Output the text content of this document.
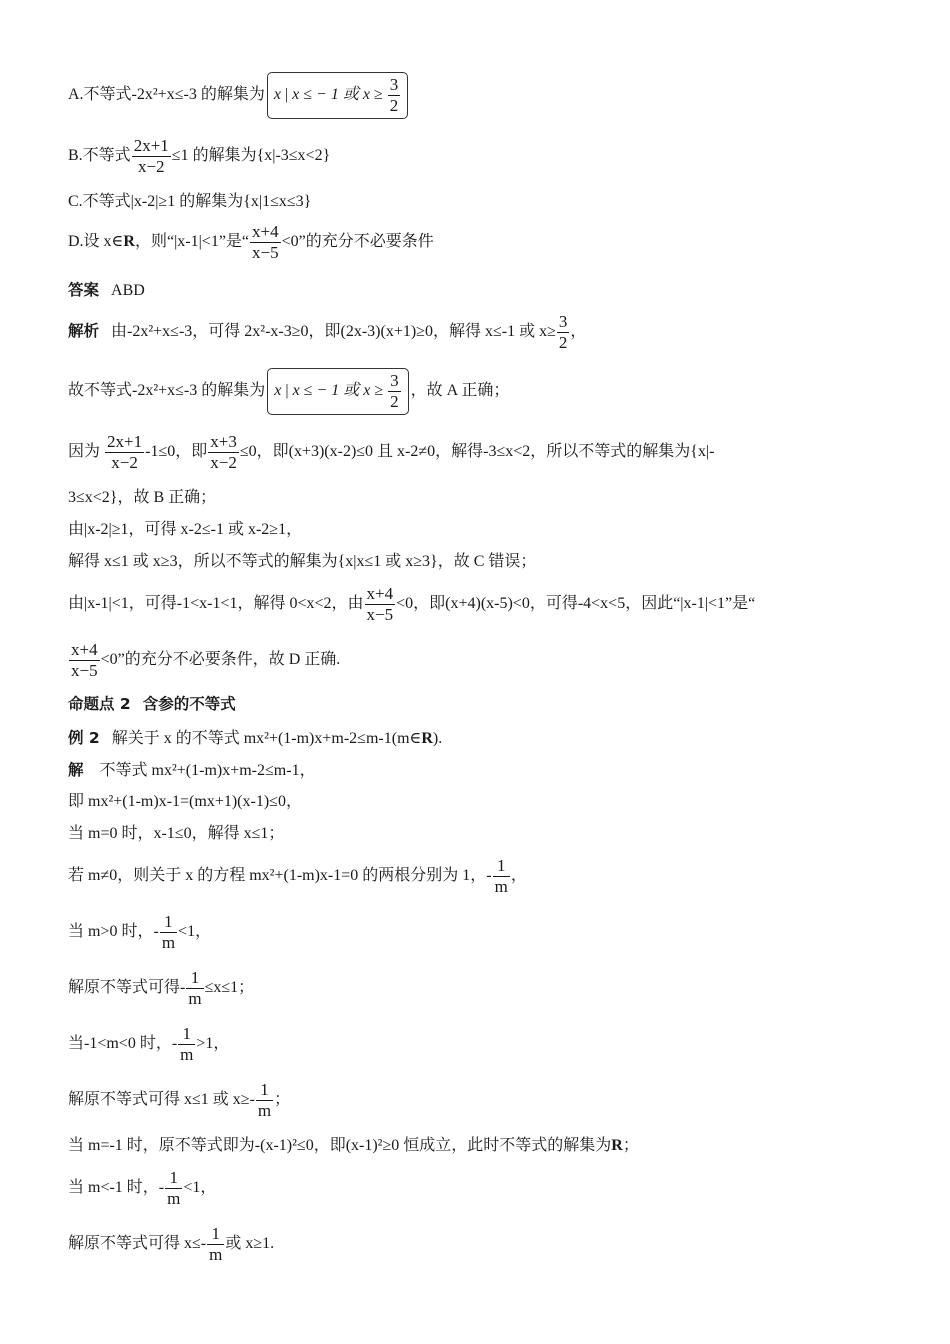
A.不等式-2x²+x≤-3 的解集为 x | x ≤ − 1 或 $x \ge \frac{3}{2}$
B.不等式 $\frac{2x+1}{x-2} \le 1$ 的解集为{x|-3≤x<2}
C.不等式|x-2|≥1 的解集为{x|1≤x≤3}
D.设 x∈R，则“|x-1|<1”是“ $\frac{x+4}{x-5} <0$”的充分不必要条件
答案 ABD
解析 由-2x²+x≤-3，可得 2x²-x-3≥0，即(2x-3)(x+1)≥0，解得 x≤-1 或 $x\ge \frac{3}{2}$ ，
故不等式-2x²+x≤-3 的解集为 x | x ≤ − 1 或 $x \ge \frac{3}{2}$ ，故 A 正确；
因为 $\frac{2x+1}{x-2} -1\le 0$，即 $\frac{x+3}{x-2} \le 0$，即(x+3)(x-2)≤0 且 x-2≠0，解得-3≤x<2，所以不等式的解集为{x|-
3≤x<2}，故 B 正确；
由|x-2|≥1，可得 x-2≤-1 或 x-2≥1，
解得 x≤1 或 x≥3，所以不等式的解集为{x|x≤1 或 x≥3}，故 C 错误；
由|x-1|<1，可得-1<x-1<1，解得 0<x<2，由 $\frac{x+4}{x-5} <0$，即(x+4)(x-5)<0，可得-4<x<5，因此“|x-1|<1”是“
$\frac{x+4}{x-5} <0$”的充分不必要条件，故 D 正确.
命题点 2 含参的不等式
例 2 解关于 x 的不等式 mx²+(1-m)x+m-2≤m-1(m∈R).
解 不等式 mx²+(1-m)x+m-2≤m-1，
即 mx²+(1-m)x-1=(mx+1)(x-1)≤0，
当 m=0 时，x-1≤0，解得 x≤1；
若 m≠0，则关于 x 的方程 mx²+(1-m)x-1=0 的两根分别为 1，- $\frac{1}{m}$ ，
当 m>0 时，- $\frac{1}{m} <1$，
解原不等式可得- $\frac{1}{m} \le x\le 1$；
当-1<m<0 时，- $\frac{1}{m} >1$，
解原不等式可得 x≤1 或 $x\ge- \frac{1}{m}$ ；
当 m=-1 时，原不等式即为-(x-1)²≤0，即(x-1)²≥0 恒成立，此时不等式的解集为R；
当 m<-1 时，- $\frac{1}{m} <1$，
解原不等式可得 $x\le- \frac{1}{m}$ 或 x≥1.
